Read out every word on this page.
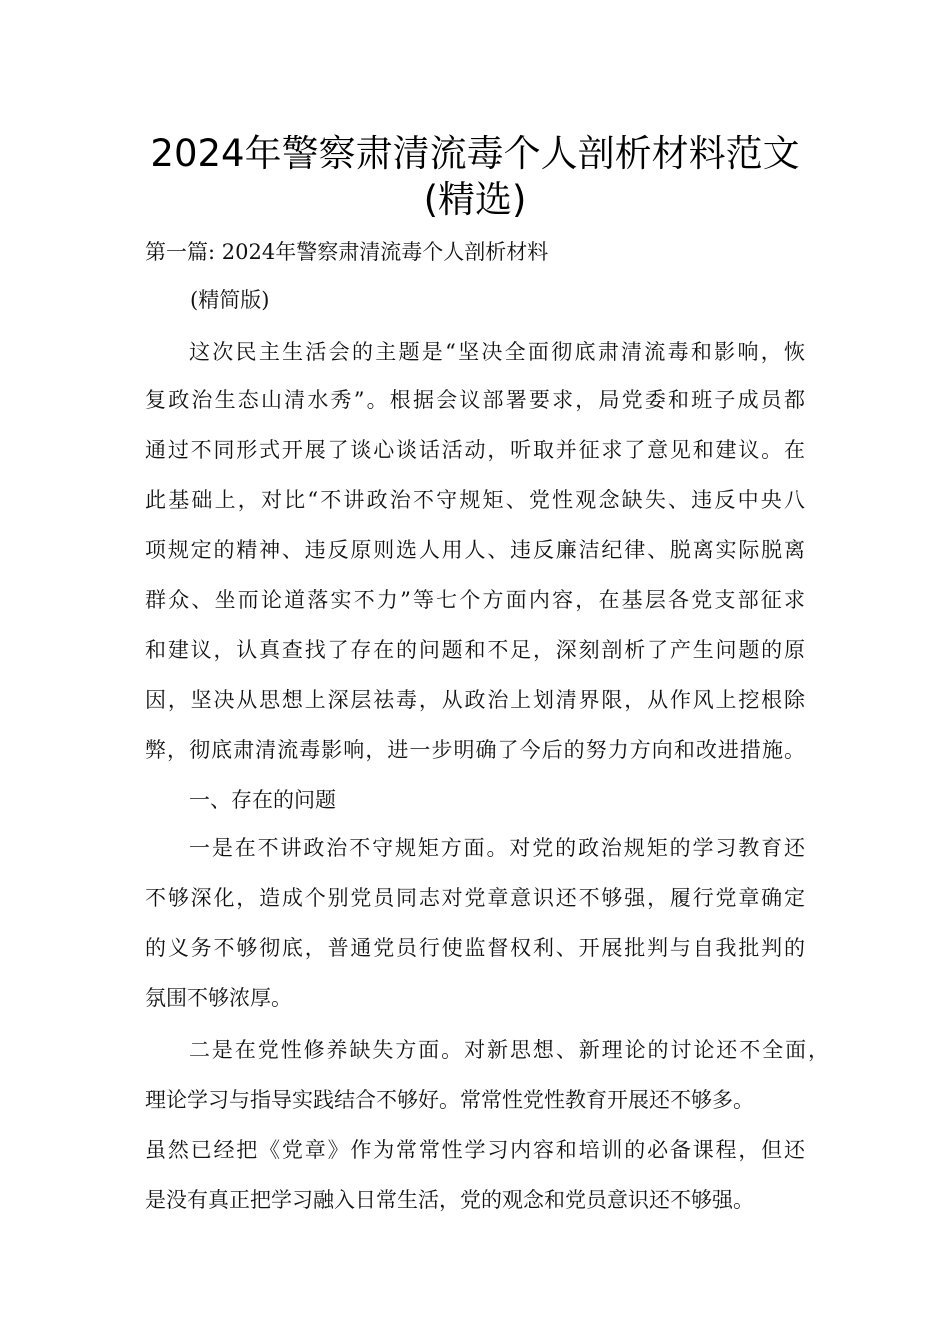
2024年警察肃清流毒个人剖析材料范文
(精选)
第一篇: 2024年警察肃清流毒个人剖析材料
(精简版)
这次民主生活会的主题是“坚决全面彻底肃清流毒和影响，恢
复政治生态山清水秀”。根据会议部署要求，局党委和班子成员都
通过不同形式开展了谈心谈话活动，听取并征求了意见和建议。在
此基础上，对比“不讲政治不守规矩、党性观念缺失、违反中央八
项规定的精神、违反原则选人用人、违反廉洁纪律、脱离实际脱离
群众、坐而论道落实不力”等七个方面内容，在基层各党支部征求
和建议，认真查找了存在的问题和不足，深刻剖析了产生问题的原
因，坚决从思想上深层祛毒，从政治上划清界限，从作风上挖根除
弊，彻底肃清流毒影响，进一步明确了今后的努力方向和改进措施。
一、存在的问题
一是在不讲政治不守规矩方面。对党的政治规矩的学习教育还
不够深化，造成个别党员同志对党章意识还不够强，履行党章确定
的义务不够彻底，普通党员行使监督权利、开展批判与自我批判的
氛围不够浓厚。
二是在党性修养缺失方面。对新思想、新理论的讨论还不全面，
理论学习与指导实践结合不够好。常常性党性教育开展还不够多。
虽然已经把《党章》作为常常性学习内容和培训的必备课程，但还
是没有真正把学习融入日常生活，党的观念和党员意识还不够强。
